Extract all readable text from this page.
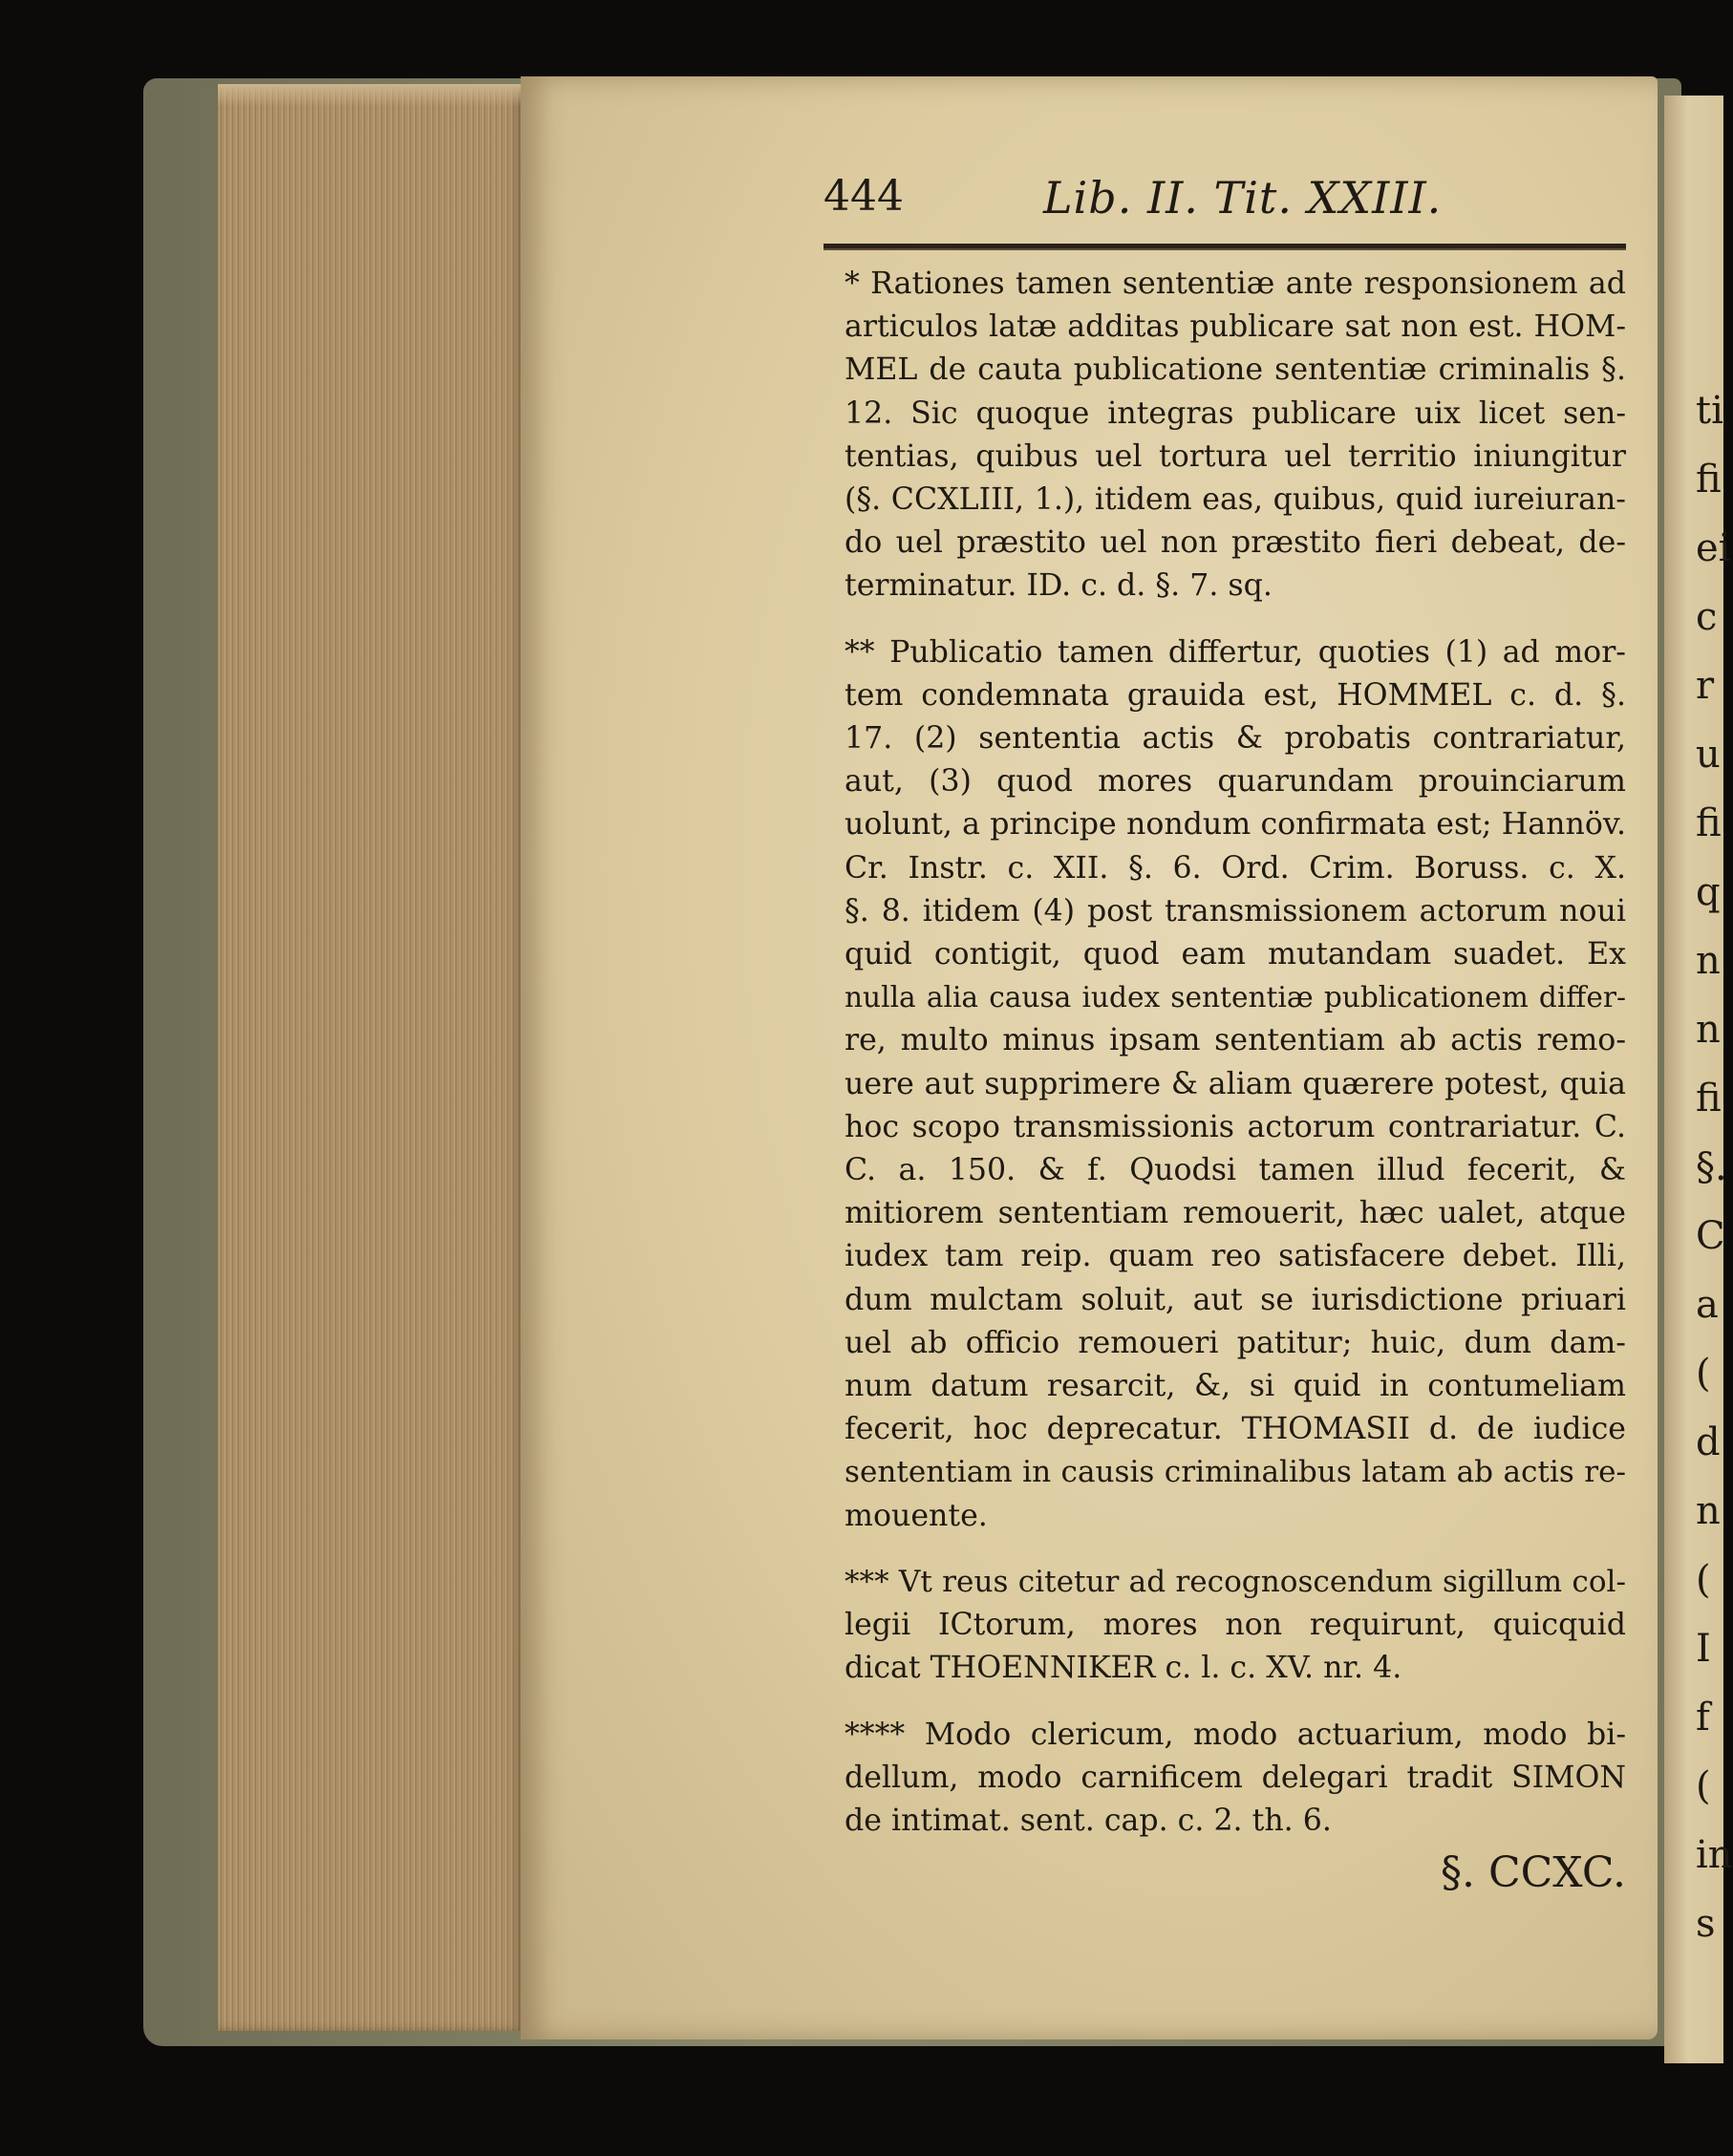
444	Lib. II. Tit. XXIII.
* Rationes tamen sententiæ ante responsionem ad
articulos latæ additas publicare sat non est. HOM-
MEL de cauta publicatione sententiæ criminalis §.
12. Sic quoque integras publicare uix licet sen-
tentias, quibus uel tortura uel territio iniungitur
(§. CCXLIII, 1.), itidem eas, quibus, quid iureiuran-
do uel præstito uel non præstito fieri debeat, de-
terminatur. ID. c. d. §. 7. sq.
** Publicatio tamen differtur, quoties (1) ad mor-
tem condemnata grauida est, HOMMEL c. d. §.
17. (2) sententia actis & probatis contrariatur,
aut, (3) quod mores quarundam prouinciarum
uolunt, a principe nondum confirmata est; Hannöv.
Cr. Instr. c. XII. §. 6. Ord. Crim. Boruss. c. X.
§. 8. itidem (4) post transmissionem actorum noui
quid contigit, quod eam mutandam suadet. Ex
nulla alia causa iudex sententiæ publicationem differ-
re, multo minus ipsam sententiam ab actis remo-
uere aut supprimere & aliam quærere potest, quia
hoc scopo transmissionis actorum contrariatur. C.
C. a. 150. & f. Quodsi tamen illud fecerit, &
mitiorem sententiam remouerit, hæc ualet, atque
iudex tam reip. quam reo satisfacere debet. Illi,
dum mulctam soluit, aut se iurisdictione priuari
uel ab officio remoueri patitur; huic, dum dam-
num datum resarcit, &, si quid in contumeliam
fecerit, hoc deprecatur. THOMASII d. de iudice
sententiam in causis criminalibus latam ab actis re-
mouente.
*** Vt reus citetur ad recognoscendum sigillum col-
legii ICtorum, mores non requirunt, quicquid
dicat THOENNIKER c. l. c. XV. nr. 4.
**** Modo clericum, modo actuarium, modo bi-
dellum, modo carnificem delegari tradit SIMON
de intimat. sent. cap. c. 2. th. 6.
§. CCXC.
ti
fi
ei
c
r
u
fi
q
n
n
fi
§.
C
a
(
d
n
(
I
f
(
in
s
